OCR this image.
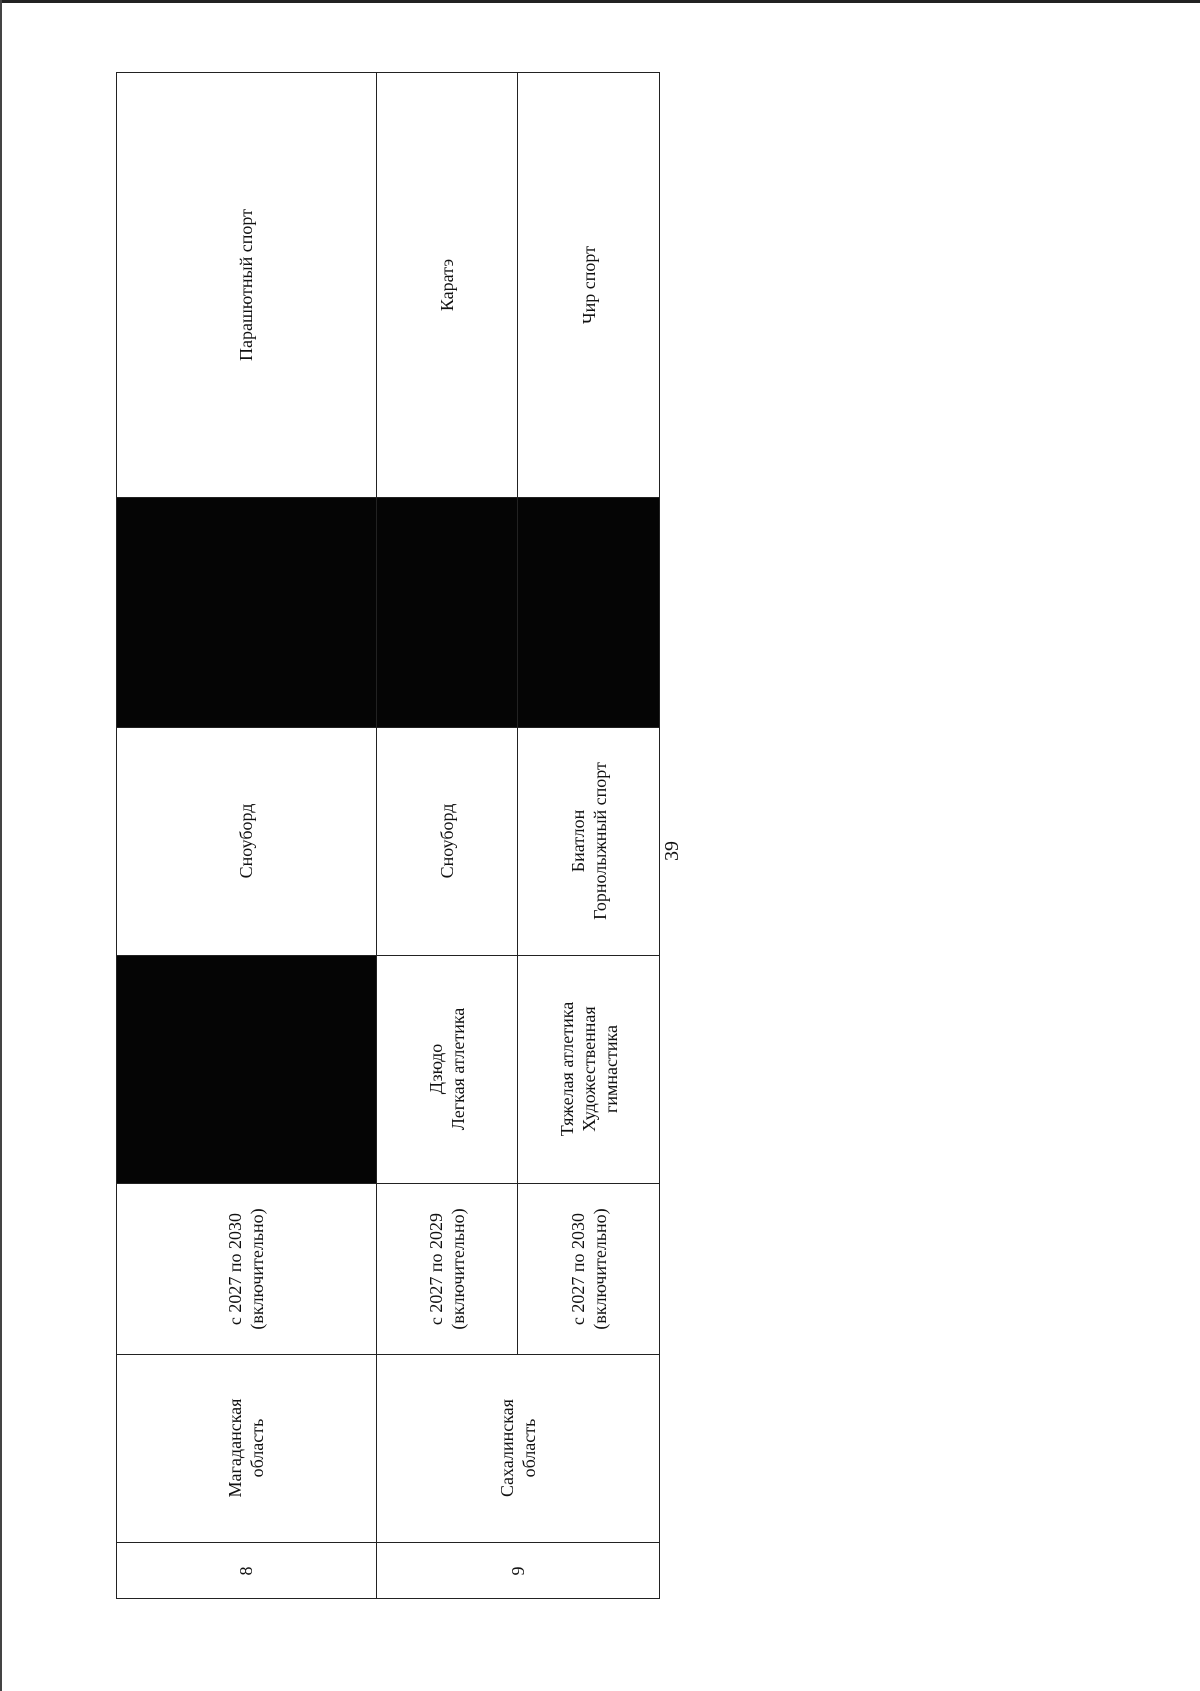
39
8
Магаданская область
с 2027 по 2030 (включительно)
Сноуборд
Парашютный спорт
9
Сахалинская область
с 2027 по 2029 (включительно)
Дзюдо Легкая атлетика
Сноуборд
Каратэ
с 2027 по 2030 (включительно)
Тяжелая атлетика Художественная гимнастика
Биатлон Горнолыжный спорт
Чир спорт
